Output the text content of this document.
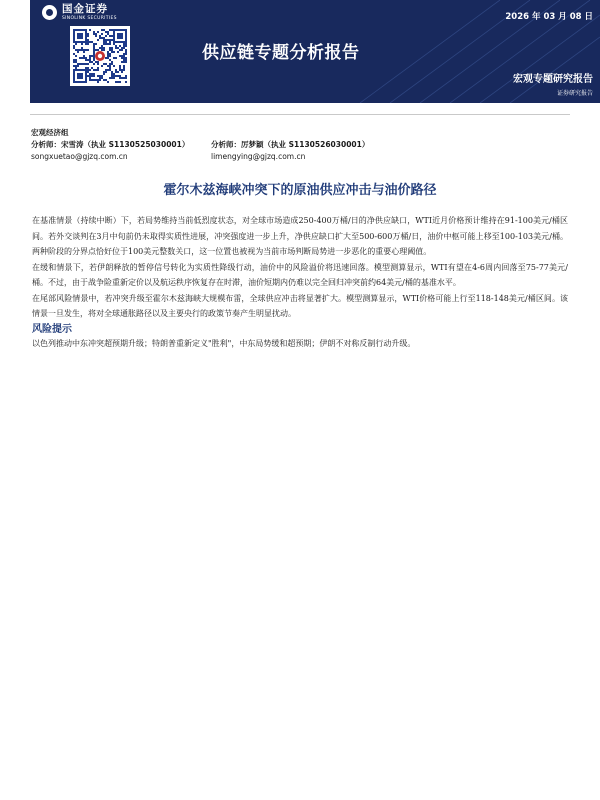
国金证券
SINOLINK SECURITIES	2026 年 03 月 08 日
供应链专题分析报告
宏观专题研究报告
证券研究报告
宏观经济组
分析师：宋雪涛（执业 S1130525030001）
songxuetao@gjzq.com.cn
分析师：厉梦颖（执业 S1130526030001）
limengying@gjzq.com.cn
霍尔木兹海峡冲突下的原油供应冲击与油价路径

在基准情景（持续中断）下，若局势维持当前低烈度状态，对全球市场造成250-400万桶/日的净供应缺口，WTI近月价格预计维持在91-100美元/桶区间。若外交谈判在3月中旬前仍未取得实质性进展，冲突强度进一步上升，净供应缺口扩大至500-600万桶/日，油价中枢可能上移至100-103美元/桶。两种阶段的分界点恰好位于100美元整数关口，这一位置也被视为当前市场判断局势进一步恶化的重要心理阈值。

在缓和情景下，若伊朗释放的暂停信号转化为实质性降级行动，油价中的风险溢价将迅速回落。模型测算显示，WTI有望在4-6周内回落至75-77美元/桶。不过，由于战争险重新定价以及航运秩序恢复存在时滞，油价短期内仍难以完全回归冲突前约64美元/桶的基准水平。

在尾部风险情景中，若冲突升级至霍尔木兹海峡大规模布雷，全球供应冲击将显著扩大。模型测算显示，WTI价格可能上行至118-148美元/桶区间。该情景一旦发生，将对全球通胀路径以及主要央行的政策节奏产生明显扰动。

风险提示

以色列推动中东冲突超预期升级；特朗普重新定义"胜利"，中东局势缓和超预期；伊朗不对称反制行动升级。
